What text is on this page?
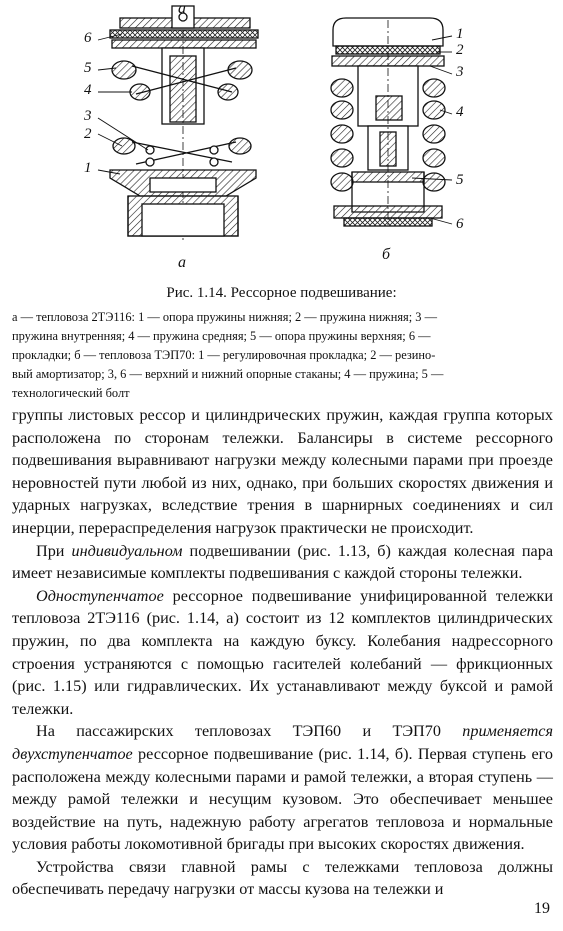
а
6
5
4
3
2
1
1
2
3
4
5
6
а	б
Рис. 1.14. Рессорное подвешивание:
а — тепловоза 2ТЭ116: 1 — опора пружины нижняя; 2 — пружина нижняя; 3 —
пружина внутренняя; 4 — пружина средняя; 5 — опора пружины верхняя; 6 —
прокладки; б — тепловоза ТЭП70: 1 — регулировочная прокладка; 2 — резино-
вый амортизатор; 3, 6 — верхний и нижний опорные стаканы; 4 — пружина; 5 —
технологический болт

группы листовых рессор и цилиндрических пружин, каждая группа которых расположена по сторонам тележки. Балансиры в системе рессорного подвешивания выравнивают нагрузки между колесными парами при проезде неровностей пути любой из них, однако, при больших скоростях движения и ударных нагрузках, вследствие трения в шарнирных соединениях и сил инерции, перераспределения нагрузок практически не происходит.

При индивидуальном подвешивании (рис. 1.13, б) каждая колесная пара имеет независимые комплекты подвешивания с каждой стороны тележки.

Одноступенчатое рессорное подвешивание унифицированной тележки тепловоза 2ТЭ116 (рис. 1.14, а) состоит из 12 комплектов цилиндрических пружин, по два комплекта на каждую буксу. Колебания надрессорного строения устраняются с помощью гасителей колебаний — фрикционных (рис. 1.15) или гидравлических. Их устанавливают между буксой и рамой тележки.

На пассажирских тепловозах ТЭП60 и ТЭП70 применяется двухступенчатое рессорное подвешивание (рис. 1.14, б). Первая ступень его расположена между колесными парами и рамой тележки, а вторая ступень — между рамой тележки и несущим кузовом. Это обеспечивает меньшее воздействие на путь, надежную работу агрегатов тепловоза и нормальные условия работы локомотивной бригады при высоких скоростях движения.

Устройства связи главной рамы с тележками тепловоза должны обеспечивать передачу нагрузки от массы кузова на тележки и

19
